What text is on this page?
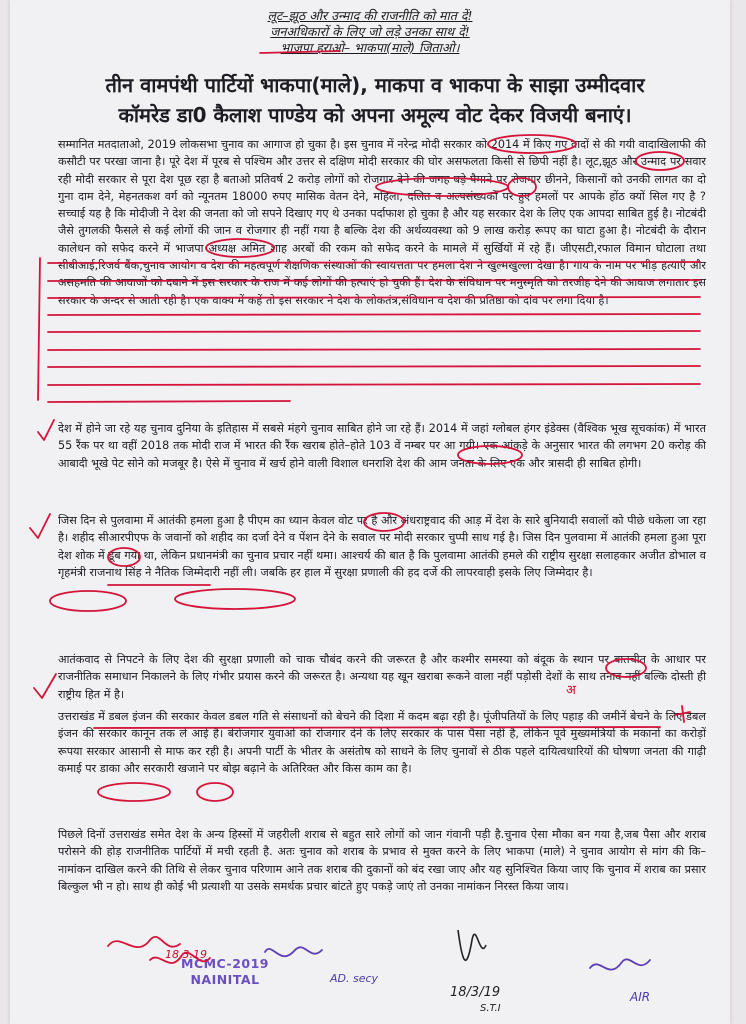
लूट–झूठ और उन्माद की राजनीति को मात दें!
जनअधिकारों के लिए जो लड़े उनका साथ दें!
भाजपा हराओ– भाकपा(माले) जिताओ।
तीन वामपंथी पार्टियों भाकपा(माले), माकपा व भाकपा के साझा उम्मीदवार
कॉमरेड डा0 कैलाश पाण्डेय को अपना अमूल्य वोट देकर विजयी बनाएं।
सम्मानित मतदाताओ, 2019 लोकसभा चुनाव का आगाज हो चुका है। इस चुनाव में नरेन्द्र मोदी सरकार को 2014 में किए गए वादों से की गयी वादाखिलाफी की कसौटी पर परखा जाना है। पूरे देश में पूरब से पश्चिम और उत्तर से दक्षिण मोदी सरकार की घोर असफलता किसी से छिपी नहीं है। लूट,झूठ और उन्माद पर सवार रही मोदी सरकार से पूरा देश पूछ रहा है बताओ प्रतिवर्ष 2 करोड़ लोगों को रोजगार देने की जगह बड़े पैमाने पर रोजगार छीनने, किसानों को उनकी लागत का दो गुना दाम देने, मेहनतकश वर्ग को न्यूनतम 18000 रुपए मासिक वेतन देने, महिला, दलित व अल्पसंख्यकों पर हुए हमलों पर आपके होंठ क्यों सिल गए है ? सच्चाई यह है कि मोदीजी ने देश की जनता को जो सपने दिखाए गए थे उनका पर्दाफाश हो चुका है और यह सरकार देश के लिए एक आपदा साबित हुई है। नोटबंदी जैसे तुगलकी फैसले से कई लोगों की जान व रोजगार ही नहीं गया है बल्कि देश की अर्थव्यवस्था को 9 लाख करोड़ रूपए का घाटा हुआ है। नोटबंदी के दौरान कालेधन को सफेद करने में भाजपा अध्यक्ष अमित शाह अरबों की रकम को सफेद करने के मामले में सुर्खियों में रहे हैं। जीएसटी,रफाल विमान घोटाला तथा सीबीआई,रिजर्व बैंक,चुनाव आयोग व देश की महत्वपूर्ण शैक्षणिक संस्थाओं की स्वायत्तता पर हमला देश ने खुल्मखुल्ला देखा है। गाय के नाम पर भीड़ हत्याएँ और असहमति की आवाजों को दबाने में इस सरकार के राज में कई लोगों की हत्याएं हो चुकी हैं। देश के संविधान पर मनुस्मृति को तरजीह देने की आवाज लगातार इस सरकार के अन्दर से आती रही है। एक वाक्य में कहें तो इस सरकार ने देश के लोकतंत्र,संविधान व देश की प्रतिष्ठा को दांव पर लगा दिया है।
देश में होने जा रहे यह चुनाव दुनिया के इतिहास में सबसे मंहगे चुनाव साबित होने जा रहे हैं। 2014 में जहां ग्लोबल हंगर इंडेक्स (वैश्विक भूख सूचकांक) में भारत 55 रैंक पर था वहीं 2018 तक मोदी राज में भारत की रैंक खराब होते–होते 103 वें नम्बर पर आ गयी। एक आंकड़े के अनुसार भारत की लगभग 20 करोड़ की आबादी भूखे पेट सोने को मजबूर है। ऐसे में चुनाव में खर्च होने वाली विशाल धनराशि देश की आम जनता के लिए एक और त्रासदी ही साबित होगी।
जिस दिन से पुलवामा में आतंकी हमला हुआ है पीएम का ध्यान केवल वोट पर है और अंधराष्ट्रवाद की आड़ में देश के सारे बुनियादी सवालों को पीछे धकेला जा रहा है। शहीद सीआरपीएफ के जवानों को शहीद का दर्जा देने व पेंशन देने के सवाल पर मोदी सरकार चुप्पी साध गई है। जिस दिन पुलवामा में आतंकी हमला हुआ पूरा देश शोक में डूब गया था, लेकिन प्रधानमंत्री का चुनाव प्रचार नहीं थमा। आश्चर्य की बात है कि पुलवामा आतंकी हमले की राष्ट्रीय सुरक्षा सलाहकार अजीत डोभाल व गृहमंत्री राजनाथ सिंह ने नैतिक जिम्मेदारी नहीं ली। जबकि हर हाल में सुरक्षा प्रणाली की हद दर्जे की लापरवाही इसके लिए जिम्मेदार है।
आतंकवाद से निपटने के लिए देश की सुरक्षा प्रणाली को चाक चौबंद करने की जरूरत है और कश्मीर समस्या को बंदूक के स्थान पर बातचीत के आधार पर राजनीतिक समाधान निकालने के लिए गंभीर प्रयास करने की जरूरत है। अन्यथा यह खून खराबा रूकने वाला नहीं पड़ोसी देशों के साथ तनाव नहीं बल्कि दोस्ती ही राष्ट्रीय हित में है।
उत्तराखंड में डबल इंजन की सरकार केवल डबल गति से संसाधनों को बेचने की दिशा में कदम बढ़ा रही है। पूंजीपतियों के लिए पहाड़ की जमीनें बेचने के लिए डबल इंजन की सरकार कानून तक ले आई है। बेरोजगार युवाओं को रोजगार देने के लिए सरकार के पास पैसा नहीं है, लेकिन पूर्व मुख्यमंत्रियों के मकानों का करोड़ों रूपया सरकार आसानी से माफ कर रही है। अपनी पार्टी के भीतर के असंतोष को साधने के लिए चुनावों से ठीक पहले दायित्वधारियों की घोषणा जनता की गाढ़ी कमाई पर डाका और सरकारी खजाने पर बोझ बढ़ाने के अतिरिक्त और किस काम का है।
पिछले दिनों उत्तराखंड समेत देश के अन्य हिस्सों में जहरीली शराब से बहुत सारे लोगों को जान गंवानी पड़ी है.चुनाव ऐसा मौका बन गया है,जब पैसा और शराब परोसने की होड़ राजनीतिक पार्टियों में मची रहती है. अतः चुनाव को शराब के प्रभाव से मुक्त करने के लिए भाकपा (माले) ने चुनाव आयोग से मांग की कि– नामांकन दाखिल करने की तिथि से लेकर चुनाव परिणाम आने तक शराब की दुकानों को बंद रखा जाए और यह सुनिश्चित किया जाए कि चुनाव में शराब का प्रसार बिल्कुल भी न हो। साथ ही कोई भी प्रत्याशी या उसके समर्थक प्रचार बांटते हुए पकड़े जाएं तो उनका नामांकन निरस्त किया जाय।
MCMC-2019
NAINITAL
18.3.19
18/3/19
S.T.I
AD. secy
AIR
अ
